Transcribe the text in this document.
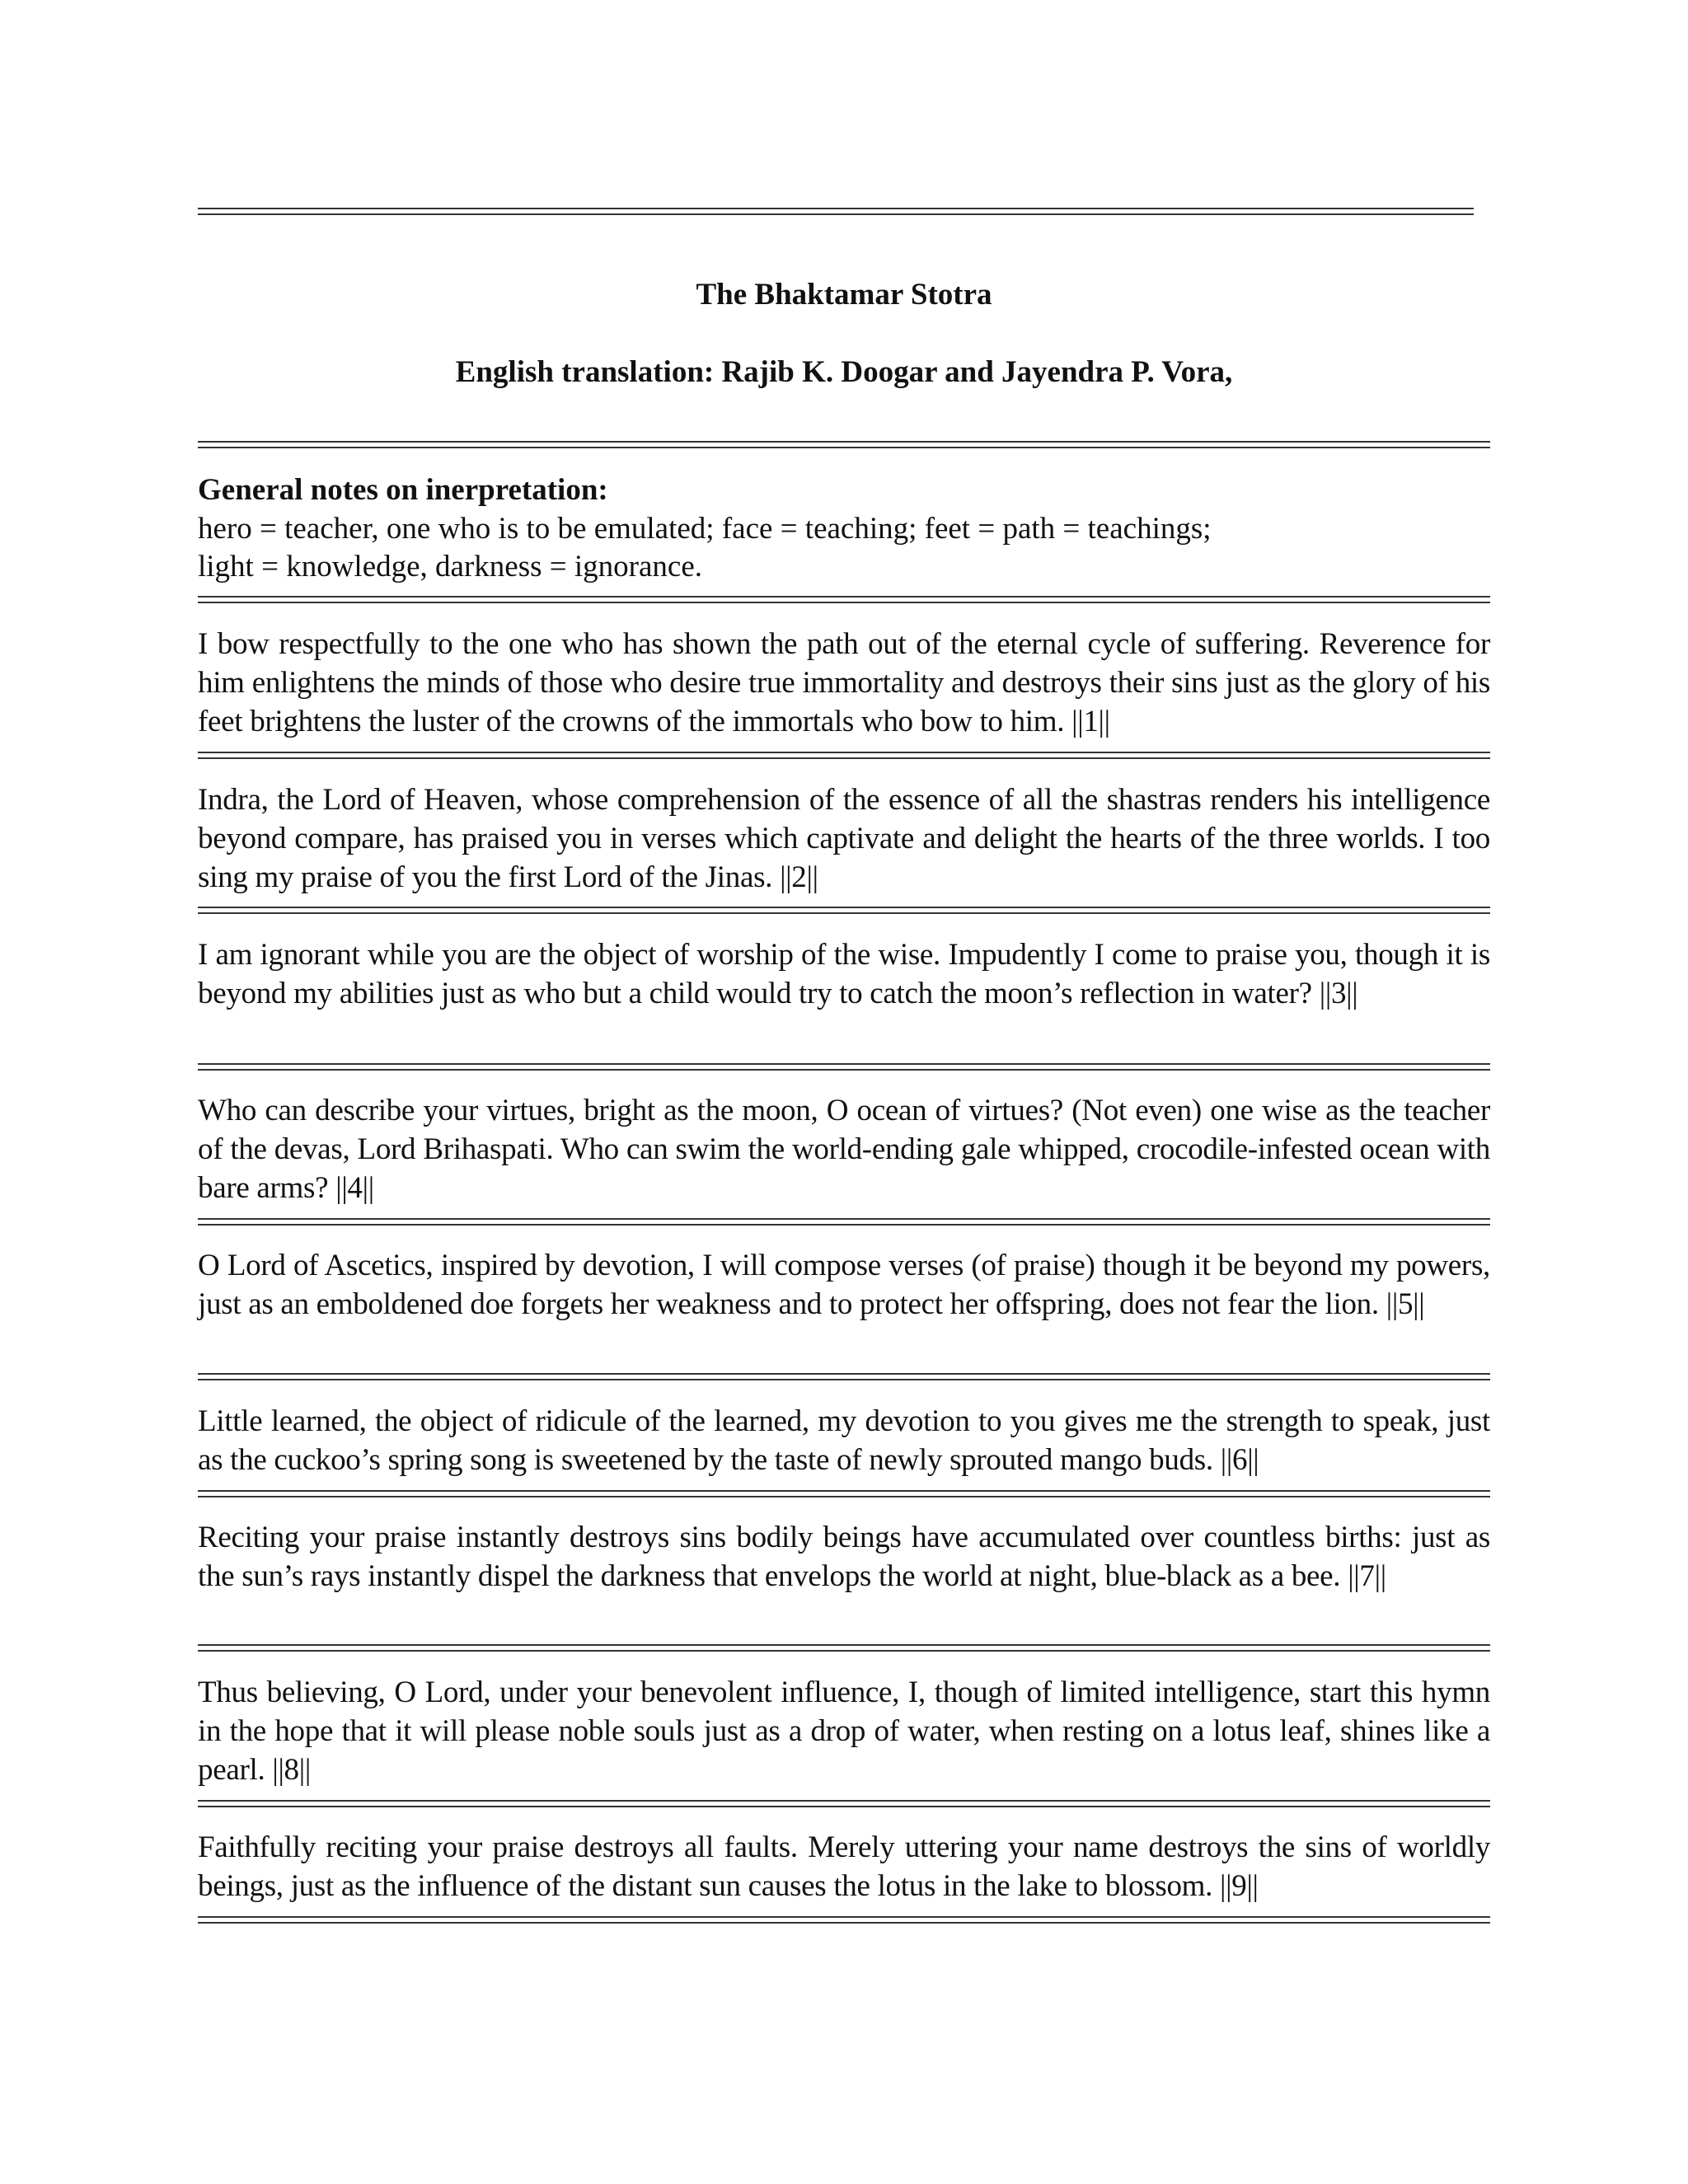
The Bhaktamar Stotra
English translation: Rajib K. Doogar and Jayendra P. Vora,

General notes on inerpretation:

hero = teacher, one who is to be emulated; face = teaching; feet = path = teachings;

light = knowledge, darkness = ignorance.

I bow respectfully to the one who has shown the path out of the eternal cycle of suffering. Reverence for him enlightens the minds of those who desire true immortality and destroys their sins just as the glory of his feet brightens the luster of the crowns of the immortals who bow to him. ||1||

Indra, the Lord of Heaven, whose comprehension of the essence of all the shastras renders his intelligence beyond compare, has praised you in verses which captivate and delight the hearts of the three worlds. I too sing my praise of you the first Lord of the Jinas. ||2||

I am ignorant while you are the object of worship of the wise. Impudently I come to praise you, though it is beyond my abilities just as who but a child would try to catch the moon’s reflection in water? ||3||

Who can describe your virtues, bright as the moon, O ocean of virtues? (Not even) one wise as the teacher of the devas, Lord Brihaspati. Who can swim the world-ending gale whipped, crocodile-infested ocean with bare arms? ||4||

O Lord of Ascetics, inspired by devotion, I will compose verses (of praise) though it be beyond my powers, just as an emboldened doe forgets her weakness and to protect her offspring, does not fear the lion. ||5||

Little learned, the object of ridicule of the learned, my devotion to you gives me the strength to speak, just as the cuckoo’s spring song is sweetened by the taste of newly sprouted mango buds. ||6||

Reciting your praise instantly destroys sins bodily beings have accumulated over countless births: just as the sun’s rays instantly dispel the darkness that envelops the world at night, blue-black as a bee. ||7||

Thus believing, O Lord, under your benevolent influence, I, though of limited intelligence, start this hymn in the hope that it will please noble souls just as a drop of water, when resting on a lotus leaf, shines like a pearl. ||8||

Faithfully reciting your praise destroys all faults. Merely uttering your name destroys the sins of worldly beings, just as the influence of the distant sun causes the lotus in the lake to blossom. ||9||
